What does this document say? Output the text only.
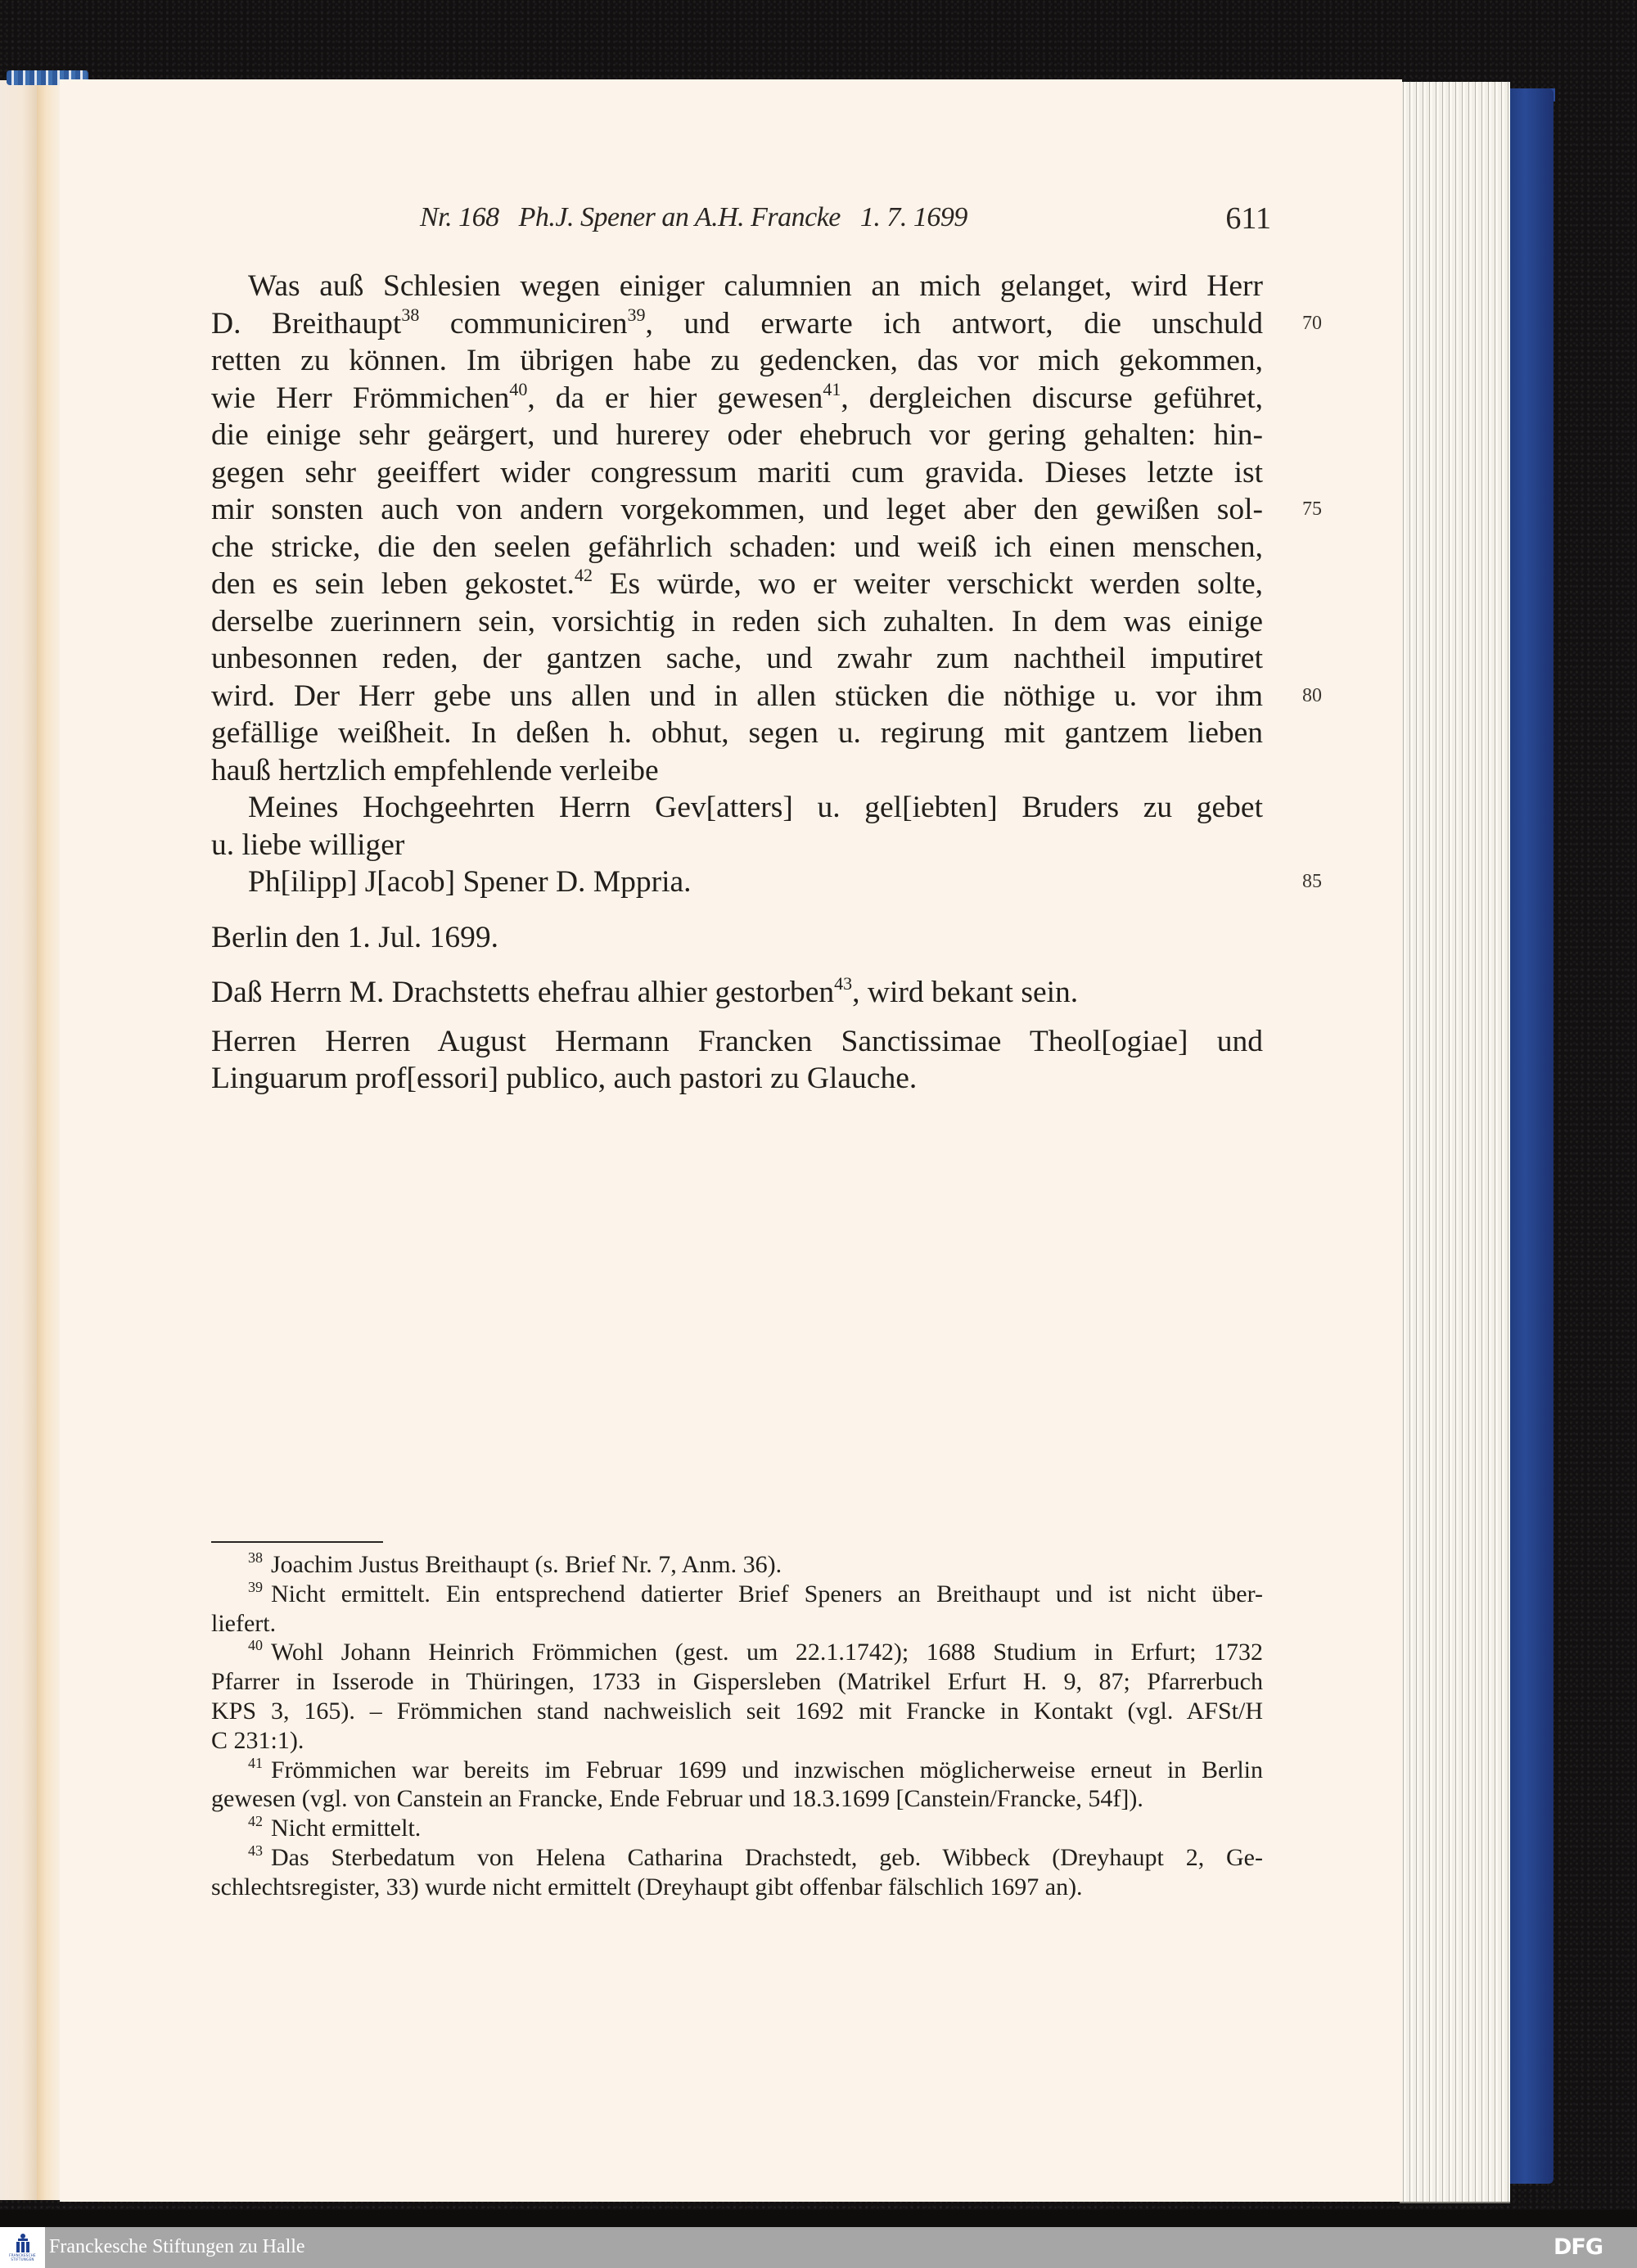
Nr. 168   Ph.J. Spener an A.H. Francke   1. 7. 1699	611
Was auß Schlesien wegen einiger calumnien an mich gelanget, wird Herr
D. Breithaupt$^{38}$ communiciren$^{39}$, und erwarte ich antwort, die unschuld 70
retten zu können. Im übrigen habe zu gedencken, das vor mich gekommen,
wie Herr Frömmichen$^{40}$, da er hier gewesen$^{41}$, dergleichen discurse geführet,
die einige sehr geärgert, und hurerey oder ehebruch vor gering gehalten: hin-
gegen sehr geeiffert wider congressum mariti cum gravida. Dieses letzte ist
mir sonsten auch von andern vorgekommen, und leget aber den gewißen sol- 75
che stricke, die den seelen gefährlich schaden: und weiß ich einen menschen,
den es sein leben gekostet.$^{42}$ Es würde, wo er weiter verschickt werden solte,
derselbe zuerinnern sein, vorsichtig in reden sich zuhalten. In dem was einige
unbesonnen reden, der gantzen sache, und zwahr zum nachtheil imputiret
wird. Der Herr gebe uns allen und in allen stücken die nöthige u. vor ihm 80
gefällige weißheit. In deßen h. obhut, segen u. regirung mit gantzem lieben
hauß hertzlich empfehlende verleibe
Meines Hochgeehrten Herrn Gev[atters] u. gel[iebten] Bruders zu gebet
u. liebe williger
Ph[ilipp] J[acob] Spener D. Mppria.	85
Berlin den 1. Jul. 1699.
Daß Herrn M. Drachstetts ehefrau alhier gestorben$^{43}$, wird bekant sein.
Herren Herren August Hermann Francken Sanctissimae Theol[ogiae] und
Linguarum prof[essori] publico, auch pastori zu Glauche.
$^{38}$ Joachim Justus Breithaupt (s. Brief Nr. 7, Anm. 36).
$^{39}$ Nicht ermittelt. Ein entsprechend datierter Brief Speners an Breithaupt und ist nicht über-
liefert.
$^{40}$ Wohl Johann Heinrich Frömmichen (gest. um 22.1.1742); 1688 Studium in Erfurt; 1732
Pfarrer in Isserode in Thüringen, 1733 in Gispersleben (Matrikel Erfurt H. 9, 87; Pfarrerbuch
KPS 3, 165). – Frömmichen stand nachweislich seit 1692 mit Francke in Kontakt (vgl. AFSt/H
C 231:1).
$^{41}$ Frömmichen war bereits im Februar 1699 und inzwischen möglicherweise erneut in Berlin
gewesen (vgl. von Canstein an Francke, Ende Februar und 18.3.1699 [Canstein/Francke, 54f]).
$^{42}$ Nicht ermittelt.
$^{43}$ Das Sterbedatum von Helena Catharina Drachstedt, geb. Wibbeck (Dreyhaupt 2, Ge-
schlechtsregister, 33) wurde nicht ermittelt (Dreyhaupt gibt offenbar fälschlich 1697 an).
FRANCKESCHE STIFTUNGEN
Franckesche Stiftungen zu Halle	DFG
